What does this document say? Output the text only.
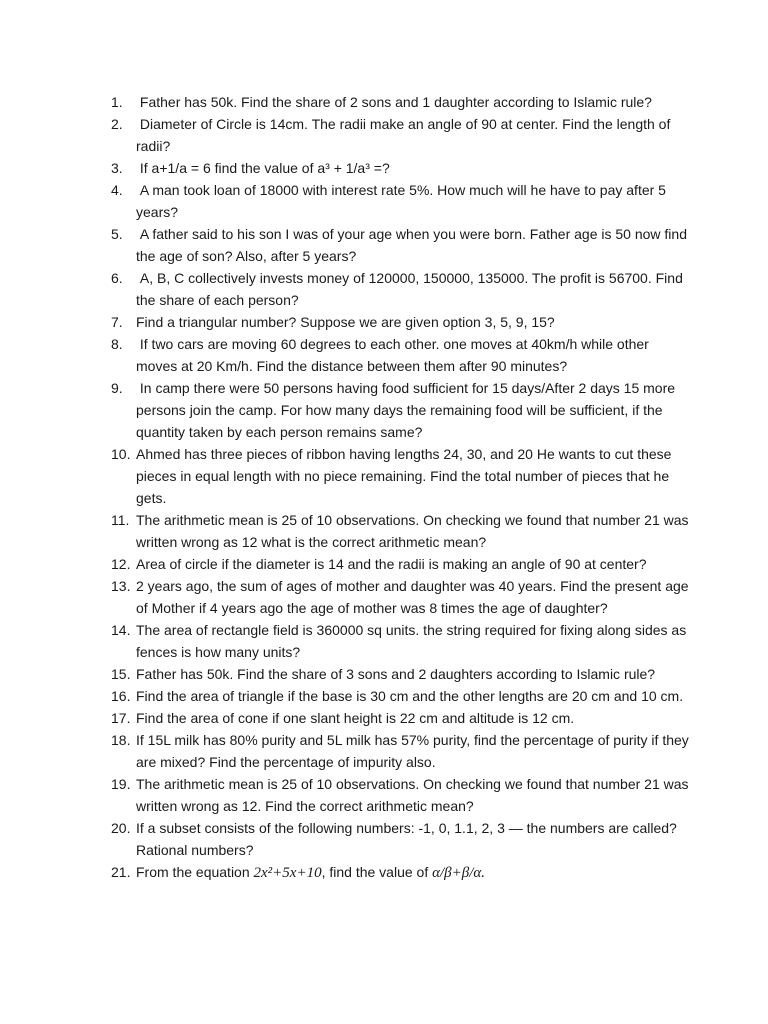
1. Father has 50k. Find the share of 2 sons and 1 daughter according to Islamic rule?
2. Diameter of Circle is 14cm. The radii make an angle of 90 at center. Find the length of radii?
3. If a+1/a = 6 find the value of a³ + 1/a³ =?
4. A man took loan of 18000 with interest rate 5%. How much will he have to pay after 5 years?
5. A father said to his son I was of your age when you were born. Father age is 50 now find the age of son? Also, after 5 years?
6. A, B, C collectively invests money of 120000, 150000, 135000. The profit is 56700. Find the share of each person?
7. Find a triangular number? Suppose we are given option 3, 5, 9, 15?
8. If two cars are moving 60 degrees to each other. one moves at 40km/h while other moves at 20 Km/h. Find the distance between them after 90 minutes?
9. In camp there were 50 persons having food sufficient for 15 days/After 2 days 15 more persons join the camp. For how many days the remaining food will be sufficient, if the quantity taken by each person remains same?
10. Ahmed has three pieces of ribbon having lengths 24, 30, and 20 He wants to cut these pieces in equal length with no piece remaining. Find the total number of pieces that he gets.
11. The arithmetic mean is 25 of 10 observations. On checking we found that number 21 was written wrong as 12 what is the correct arithmetic mean?
12. Area of circle if the diameter is 14 and the radii is making an angle of 90 at center?
13. 2 years ago, the sum of ages of mother and daughter was 40 years. Find the present age of Mother if 4 years ago the age of mother was 8 times the age of daughter?
14. The area of rectangle field is 360000 sq units. the string required for fixing along sides as fences is how many units?
15. Father has 50k. Find the share of 3 sons and 2 daughters according to Islamic rule?
16. Find the area of triangle if the base is 30 cm and the other lengths are 20 cm and 10 cm.
17. Find the area of cone if one slant height is 22 cm and altitude is 12 cm.
18. If 15L milk has 80% purity and 5L milk has 57% purity, find the percentage of purity if they are mixed? Find the percentage of impurity also.
19. The arithmetic mean is 25 of 10 observations. On checking we found that number 21 was written wrong as 12. Find the correct arithmetic mean?
20. If a subset consists of the following numbers: -1, 0, 1.1, 2, 3 — the numbers are called? Rational numbers?
21. From the equation 2x²+5x+10, find the value of α/β+β/α.
